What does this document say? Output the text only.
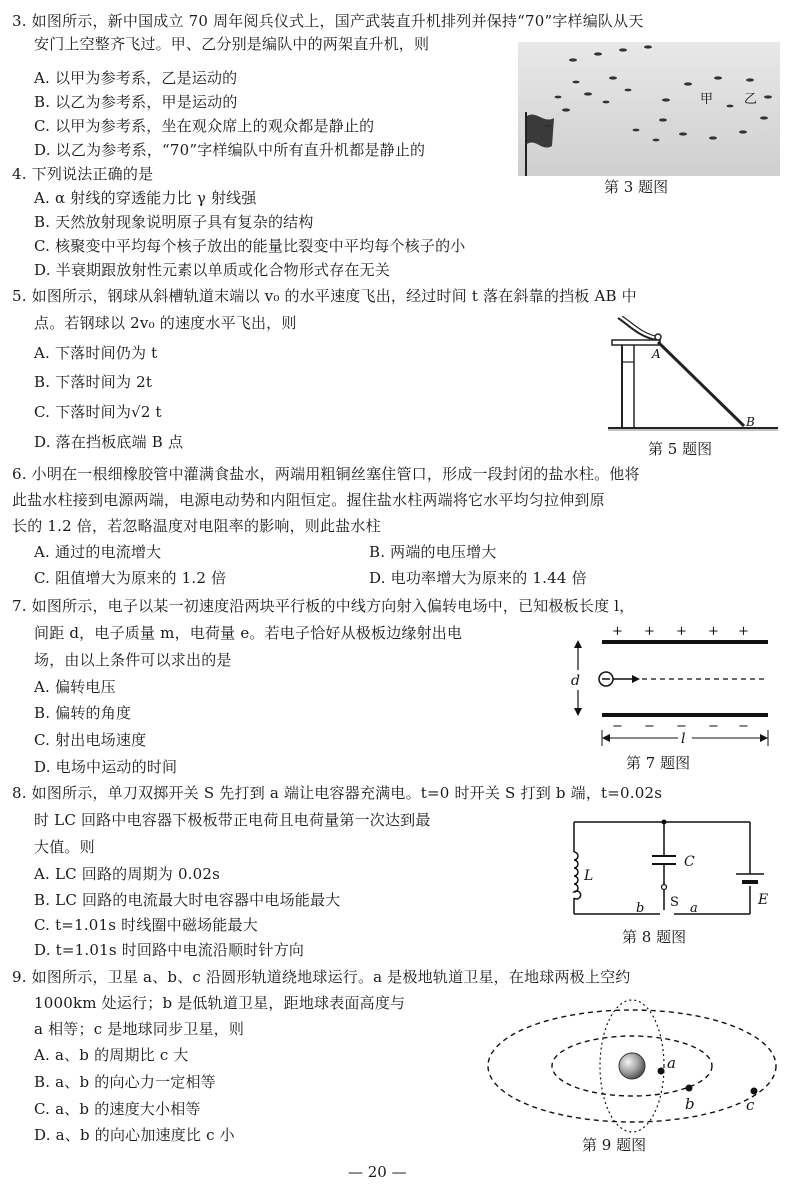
3. 如图所示，新中国成立 70 周年阅兵仪式上，国产武装直升机排列并保持“70”字样编队从天
安门上空整齐飞过。甲、乙分别是编队中的两架直升机，则
A. 以甲为参考系，乙是运动的
B. 以乙为参考系，甲是运动的
C. 以甲为参考系，坐在观众席上的观众都是静止的
D. 以乙为参考系，“70”字样编队中所有直升机都是静止的
甲 乙
第 3 题图
4. 下列说法正确的是
A. α 射线的穿透能力比 γ 射线强
B. 天然放射现象说明原子具有复杂的结构
C. 核聚变中平均每个核子放出的能量比裂变中平均每个核子的小
D. 半衰期跟放射性元素以单质或化合物形式存在无关
5. 如图所示，钢球从斜槽轨道末端以 v₀ 的水平速度飞出，经过时间 t 落在斜靠的挡板 AB 中
点。若钢球以 2v₀ 的速度水平飞出，则
A. 下落时间仍为 t
B. 下落时间为 2t
C. 下落时间为√2 t
D. 落在挡板底端 B 点
A
B
第 5 题图
6. 小明在一根细橡胶管中灌满食盐水，两端用粗铜丝塞住管口，形成一段封闭的盐水柱。他将
此盐水柱接到电源两端，电源电动势和内阻恒定。握住盐水柱两端将它水平均匀拉伸到原
长的 1.2 倍，若忽略温度对电阻率的影响，则此盐水柱
A. 通过的电流增大	B. 两端的电压增大
C. 阻值增大为原来的 1.2 倍	D. 电功率增大为原来的 1.44 倍
7. 如图所示，电子以某一初速度沿两块平行板的中线方向射入偏转电场中，已知极板长度 l，
间距 d，电子质量 m，电荷量 e。若电子恰好从极板边缘射出电
场，由以上条件可以求出的是
A. 偏转电压
B. 偏转的角度
C. 射出电场速度
D. 电场中运动的时间
+ + + + +
− − − − −
d
l
第 7 题图
8. 如图所示，单刀双掷开关 S 先打到 a 端让电容器充满电。t=0 时开关 S 打到 b 端，t=0.02s
时 LC 回路中电容器下极板带正电荷且电荷量第一次达到最
大值。则
A. LC 回路的周期为 0.02s
B. LC 回路的电流最大时电容器中电场能最大
C. t=1.01s 时线圈中磁场能最大
D. t=1.01s 时回路中电流沿顺时针方向
L
C
S
b	a
E
第 8 题图
9. 如图所示，卫星 a、b、c 沿圆形轨道绕地球运行。a 是极地轨道卫星，在地球两极上空约
1000km 处运行；b 是低轨道卫星，距地球表面高度与
a 相等；c 是地球同步卫星，则
A. a、b 的周期比 c 大
B. a、b 的向心力一定相等
C. a、b 的速度大小相等
D. a、b 的向心加速度比 c 小
a
b	c
第 9 题图
— 20 —
